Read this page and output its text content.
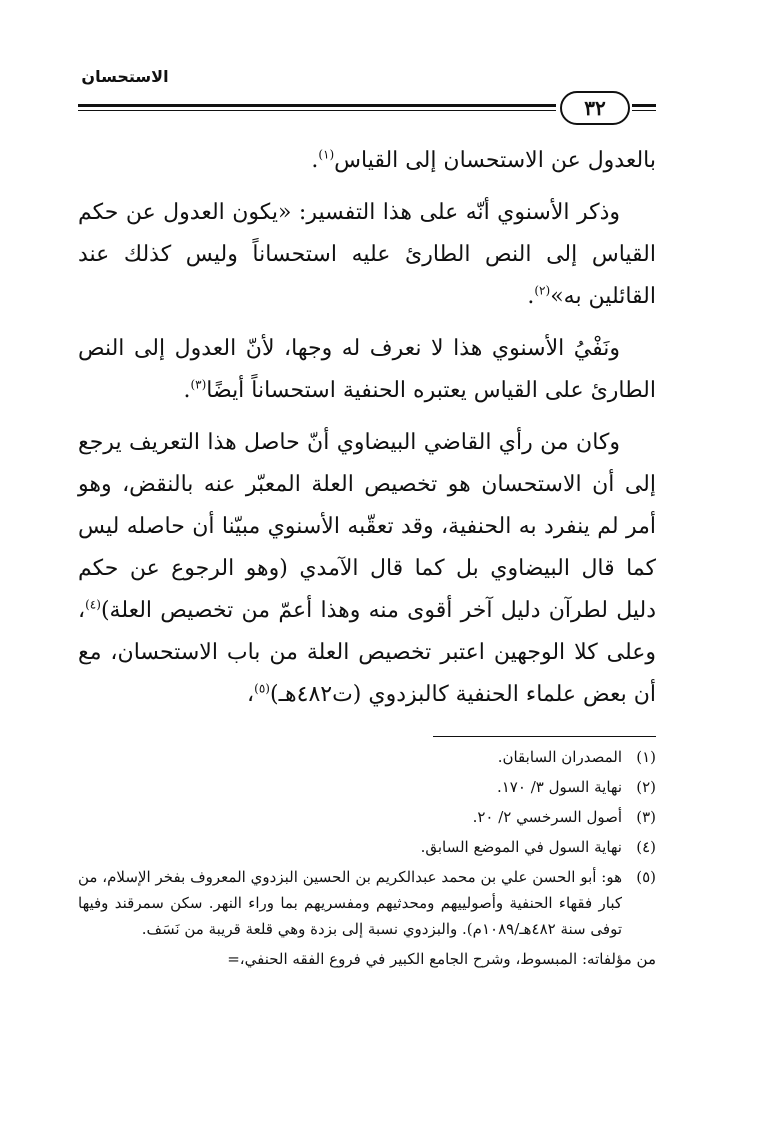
الاستحسان
٣٢

بالعدول عن الاستحسان إلى القياس$^{(١)}$.

وذكر الأسنوي أنّه على هذا التفسير: «يكون العدول عن حكم القياس إلى النص الطارئ عليه استحساناً وليس كذلك عند القائلين به»$^{(٢)}$.

ونَفْيُ الأسنوي هذا لا نعرف له وجها، لأنّ العدول إلى النص الطارئ على القياس يعتبره الحنفية استحساناً أيضًا$^{(٣)}$.

وكان من رأي القاضي البيضاوي أنّ حاصل هذا التعريف يرجع إلى أن الاستحسان هو تخصيص العلة المعبّر عنه بالنقض، وهو أمر لم ينفرد به الحنفية، وقد تعقّبه الأسنوي مبيّنا أن حاصله ليس كما قال البيضاوي بل كما قال الآمدي (وهو الرجوع عن حكم دليل لطرآن دليل آخر أقوى منه وهذا أعمّ من تخصيص العلة)$^{(٤)}$، وعلى كلا الوجهين اعتبر تخصيص العلة من باب الاستحسان، مع أن بعض علماء الحنفية كالبزدوي (ت٤٨٢هـ)$^{(٥)}$،

(١)
المصدران السابقان.
(٢)
نهاية السول ٣/ ١٧٠.
(٣)
أصول السرخسي ٢/ ٢٠.
(٤)
نهاية السول في الموضع السابق.
(٥)
هو: أبو الحسن علي بن محمد عبدالكريم بن الحسين البزدوي المعروف بفخر الإسلام، من كبار فقهاء الحنفية وأصولييهم ومحدثيهم ومفسريهم بما وراء النهر. سكن سمرقند وفيها توفى سنة ٤٨٢هـ/١٠٨٩م). والبزدوي نسبة إلى بزدة وهي قلعة قريبة من نَسَف.

من مؤلفاته: المبسوط، وشرح الجامع الكبير في فروع الفقه الحنفي،=
